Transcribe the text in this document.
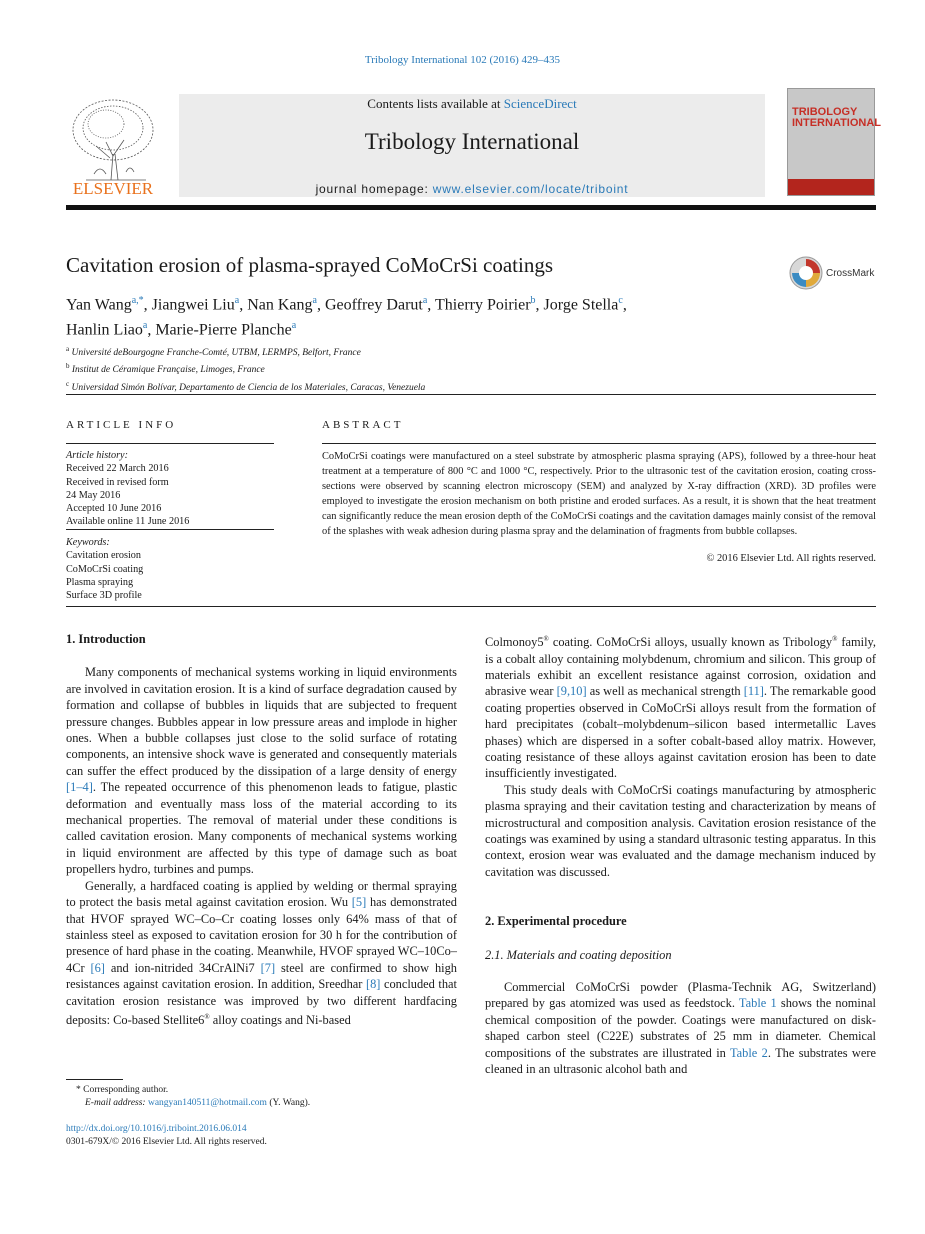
Tribology International 102 (2016) 429–435
ELSEVIER
Contents lists available at ScienceDirect
Tribology International
journal homepage: www.elsevier.com/locate/triboint
TRIBOLOGY INTERNATIONAL
Cavitation erosion of plasma-sprayed CoMoCrSi coatings	CrossMark
Yan Wang$^{a,*}$, Jiangwei Liu$^a$, Nan Kang$^a$, Geoffrey Darut$^a$, Thierry Poirier$^b$, Jorge Stella$^c$,
Hanlin Liao$^a$, Marie-Pierre Planche$^a$
$^a$ Université deBourgogne Franche-Comté, UTBM, LERMPS, Belfort, France
$^b$ Institut de Céramique Française, Limoges, France
$^c$ Universidad Simón Bolívar, Departamento de Ciencia de los Materiales, Caracas, Venezuela
ARTICLE INFO
Article history:
Received 22 March 2016
Received in revised form
24 May 2016
Accepted 10 June 2016
Available online 11 June 2016
Keywords:
Cavitation erosion
CoMoCrSi coating
Plasma spraying
Surface 3D profile
ABSTRACT
CoMoCrSi coatings were manufactured on a steel substrate by atmospheric plasma spraying (APS), followed by a three-hour heat treatment at a temperature of 800 °C and 1000 °C, respectively. Prior to the ultrasonic test of the cavitation erosion, coating cross-sections were observed by scanning electron microscopy (SEM) and analyzed by X-ray diffraction (XRD). 3D profiles were employed to investigate the erosion mechanism on both pristine and eroded surfaces. As a result, it is shown that the heat treatment can significantly reduce the mean erosion depth of the CoMoCrSi coatings and the cavitation damages mainly consist of the removal of the splashes with weak adhesion during plasma spray and the delamination of fragments from bubble collapses.
© 2016 Elsevier Ltd. All rights reserved.
1. Introduction

Many components of mechanical systems working in liquid environments are involved in cavitation erosion. It is a kind of surface degradation caused by formation and collapse of bubbles in liquids that are subjected to frequent pressure changes. Bubbles appear in low pressure areas and implode in higher ones. When a bubble collapses just close to the solid surface of rotating components, an intensive shock wave is generated and consequently materials can suffer the effect produced by the dissipation of a large density of energy [1–4]. The repeated occurrence of this phenomenon leads to fatigue, plastic deformation and eventually mass loss of the material according to its mechanical properties. The removal of material under these conditions is called cavitation erosion. Many components of mechanical systems working in liquid environment are affected by this type of damage such as boat propellers hydro, turbines and pumps.

Generally, a hardfaced coating is applied by welding or thermal spraying to protect the basis metal against cavitation erosion. Wu [5] has demonstrated that HVOF sprayed WC–Co–Cr coating losses only 64% mass of that of stainless steel as exposed to cavitation erosion for 30 h for the contribution of presence of hard phase in the coating. Meanwhile, HVOF sprayed WC–10Co–4Cr [6] and ion-nitrided 34CrAlNi7 [7] steel are confirmed to show high resistances against cavitation erosion. In addition, Sreedhar [8] concluded that cavitation erosion resistance was improved by two different hardfacing deposits: Co-based Stellite6® alloy coatings and Ni-based

Colmonoy5® coating. CoMoCrSi alloys, usually known as Tribology® family, is a cobalt alloy containing molybdenum, chromium and silicon. This group of materials exhibit an excellent resistance against corrosion, oxidation and abrasive wear [9,10] as well as mechanical strength [11]. The remarkable good coating properties observed in CoMoCrSi alloys result from the formation of hard precipitates (cobalt–molybdenum–silicon based intermetallic Laves phases) which are dispersed in a softer cobalt-based alloy matrix. However, coating resistance of these alloys against cavitation erosion has been to date insufficiently investigated.

This study deals with CoMoCrSi coatings manufacturing by atmospheric plasma spraying and their cavitation testing and characterization by means of microstructural and composition analysis. Cavitation erosion resistance of the coatings was examined by using a standard ultrasonic testing apparatus. In this context, erosion wear was evaluated and the damage mechanism induced by cavitation was discussed.

2. Experimental procedure
2.1. Materials and coating deposition

Commercial CoMoCrSi powder (Plasma-Technik AG, Switzerland) prepared by gas atomized was used as feedstock. Table 1 shows the nominal chemical composition of the powder. Coatings were manufactured on disk-shaped carbon steel (C22E) substrates of 25 mm in diameter. Chemical compositions of the substrates are illustrated in Table 2. The substrates were cleaned in an ultrasonic alcohol bath and

* Corresponding author.
E-mail address: wangyan140511@hotmail.com (Y. Wang).
http://dx.doi.org/10.1016/j.triboint.2016.06.014
0301-679X/© 2016 Elsevier Ltd. All rights reserved.
